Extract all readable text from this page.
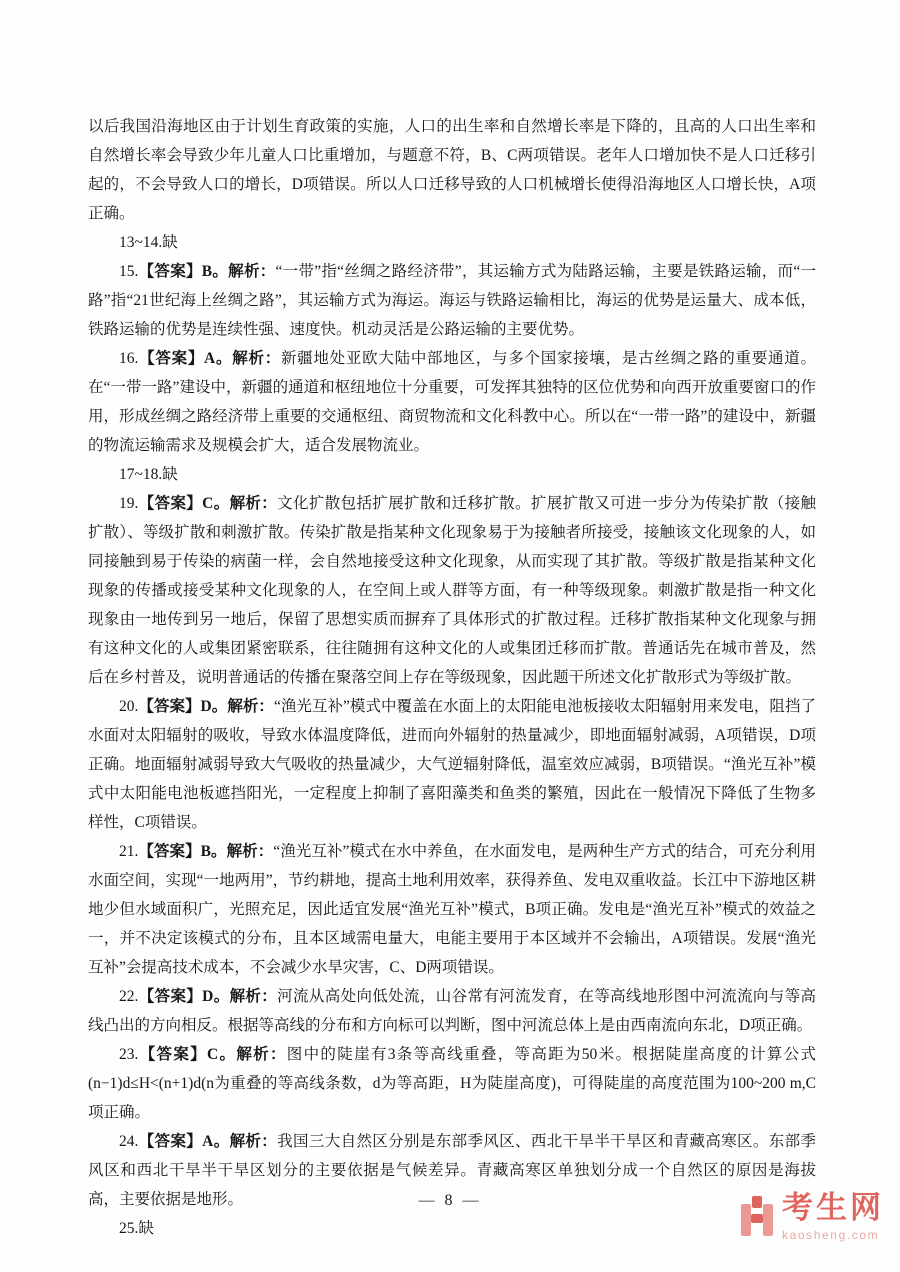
以后我国沿海地区由于计划生育政策的实施，人口的出生率和自然增长率是下降的，且高的人口出生率和自然增长率会导致少年儿童人口比重增加，与题意不符，B、C两项错误。老年人口增加快不是人口迁移引起的，不会导致人口的增长，D项错误。所以人口迁移导致的人口机械增长使得沿海地区人口增长快，A项正确。

13~14.缺

15.【答案】B。解析：“一带”指“丝绸之路经济带”，其运输方式为陆路运输，主要是铁路运输，而“一路”指“21世纪海上丝绸之路”，其运输方式为海运。海运与铁路运输相比，海运的优势是运量大、成本低，铁路运输的优势是连续性强、速度快。机动灵活是公路运输的主要优势。

16.【答案】A。解析：新疆地处亚欧大陆中部地区，与多个国家接壤，是古丝绸之路的重要通道。在“一带一路”建设中，新疆的通道和枢纽地位十分重要，可发挥其独特的区位优势和向西开放重要窗口的作用，形成丝绸之路经济带上重要的交通枢纽、商贸物流和文化科教中心。所以在“一带一路”的建设中，新疆的物流运输需求及规模会扩大，适合发展物流业。

17~18.缺

19.【答案】C。解析：文化扩散包括扩展扩散和迁移扩散。扩展扩散又可进一步分为传染扩散（接触扩散）、等级扩散和刺激扩散。传染扩散是指某种文化现象易于为接触者所接受，接触该文化现象的人，如同接触到易于传染的病菌一样，会自然地接受这种文化现象，从而实现了其扩散。等级扩散是指某种文化现象的传播或接受某种文化现象的人，在空间上或人群等方面，有一种等级现象。刺激扩散是指一种文化现象由一地传到另一地后，保留了思想实质而摒弃了具体形式的扩散过程。迁移扩散指某种文化现象与拥有这种文化的人或集团紧密联系，往往随拥有这种文化的人或集团迁移而扩散。普通话先在城市普及，然后在乡村普及，说明普通话的传播在聚落空间上存在等级现象，因此题干所述文化扩散形式为等级扩散。

20.【答案】D。解析：“渔光互补”模式中覆盖在水面上的太阳能电池板接收太阳辐射用来发电，阻挡了水面对太阳辐射的吸收，导致水体温度降低，进而向外辐射的热量减少，即地面辐射减弱，A项错误，D项正确。地面辐射减弱导致大气吸收的热量减少，大气逆辐射降低，温室效应减弱，B项错误。“渔光互补”模式中太阳能电池板遮挡阳光，一定程度上抑制了喜阳藻类和鱼类的繁殖，因此在一般情况下降低了生物多样性，C项错误。

21.【答案】B。解析：“渔光互补”模式在水中养鱼，在水面发电，是两种生产方式的结合，可充分利用水面空间，实现“一地两用”，节约耕地，提高土地利用效率，获得养鱼、发电双重收益。长江中下游地区耕地少但水域面积广，光照充足，因此适宜发展“渔光互补”模式，B项正确。发电是“渔光互补”模式的效益之一，并不决定该模式的分布，且本区域需电量大，电能主要用于本区域并不会输出，A项错误。发展“渔光互补”会提高技术成本，不会减少水旱灾害，C、D两项错误。

22.【答案】D。解析：河流从高处向低处流，山谷常有河流发育，在等高线地形图中河流流向与等高线凸出的方向相反。根据等高线的分布和方向标可以判断，图中河流总体上是由西南流向东北，D项正确。

23.【答案】C。解析：图中的陡崖有3条等高线重叠，等高距为50米。根据陡崖高度的计算公式(n−1)d≤H<(n+1)d(n为重叠的等高线条数，d为等高距，H为陡崖高度)，可得陡崖的高度范围为100~200 m,C项正确。

24.【答案】A。解析：我国三大自然区分别是东部季风区、西北干旱半干旱区和青藏高寒区。东部季风区和西北干旱半干旱区划分的主要依据是气候差异。青藏高寒区单独划分成一个自然区的原因是海拔高，主要依据是地形。

25.缺

— 8 —	考生网
kaosheng.com
